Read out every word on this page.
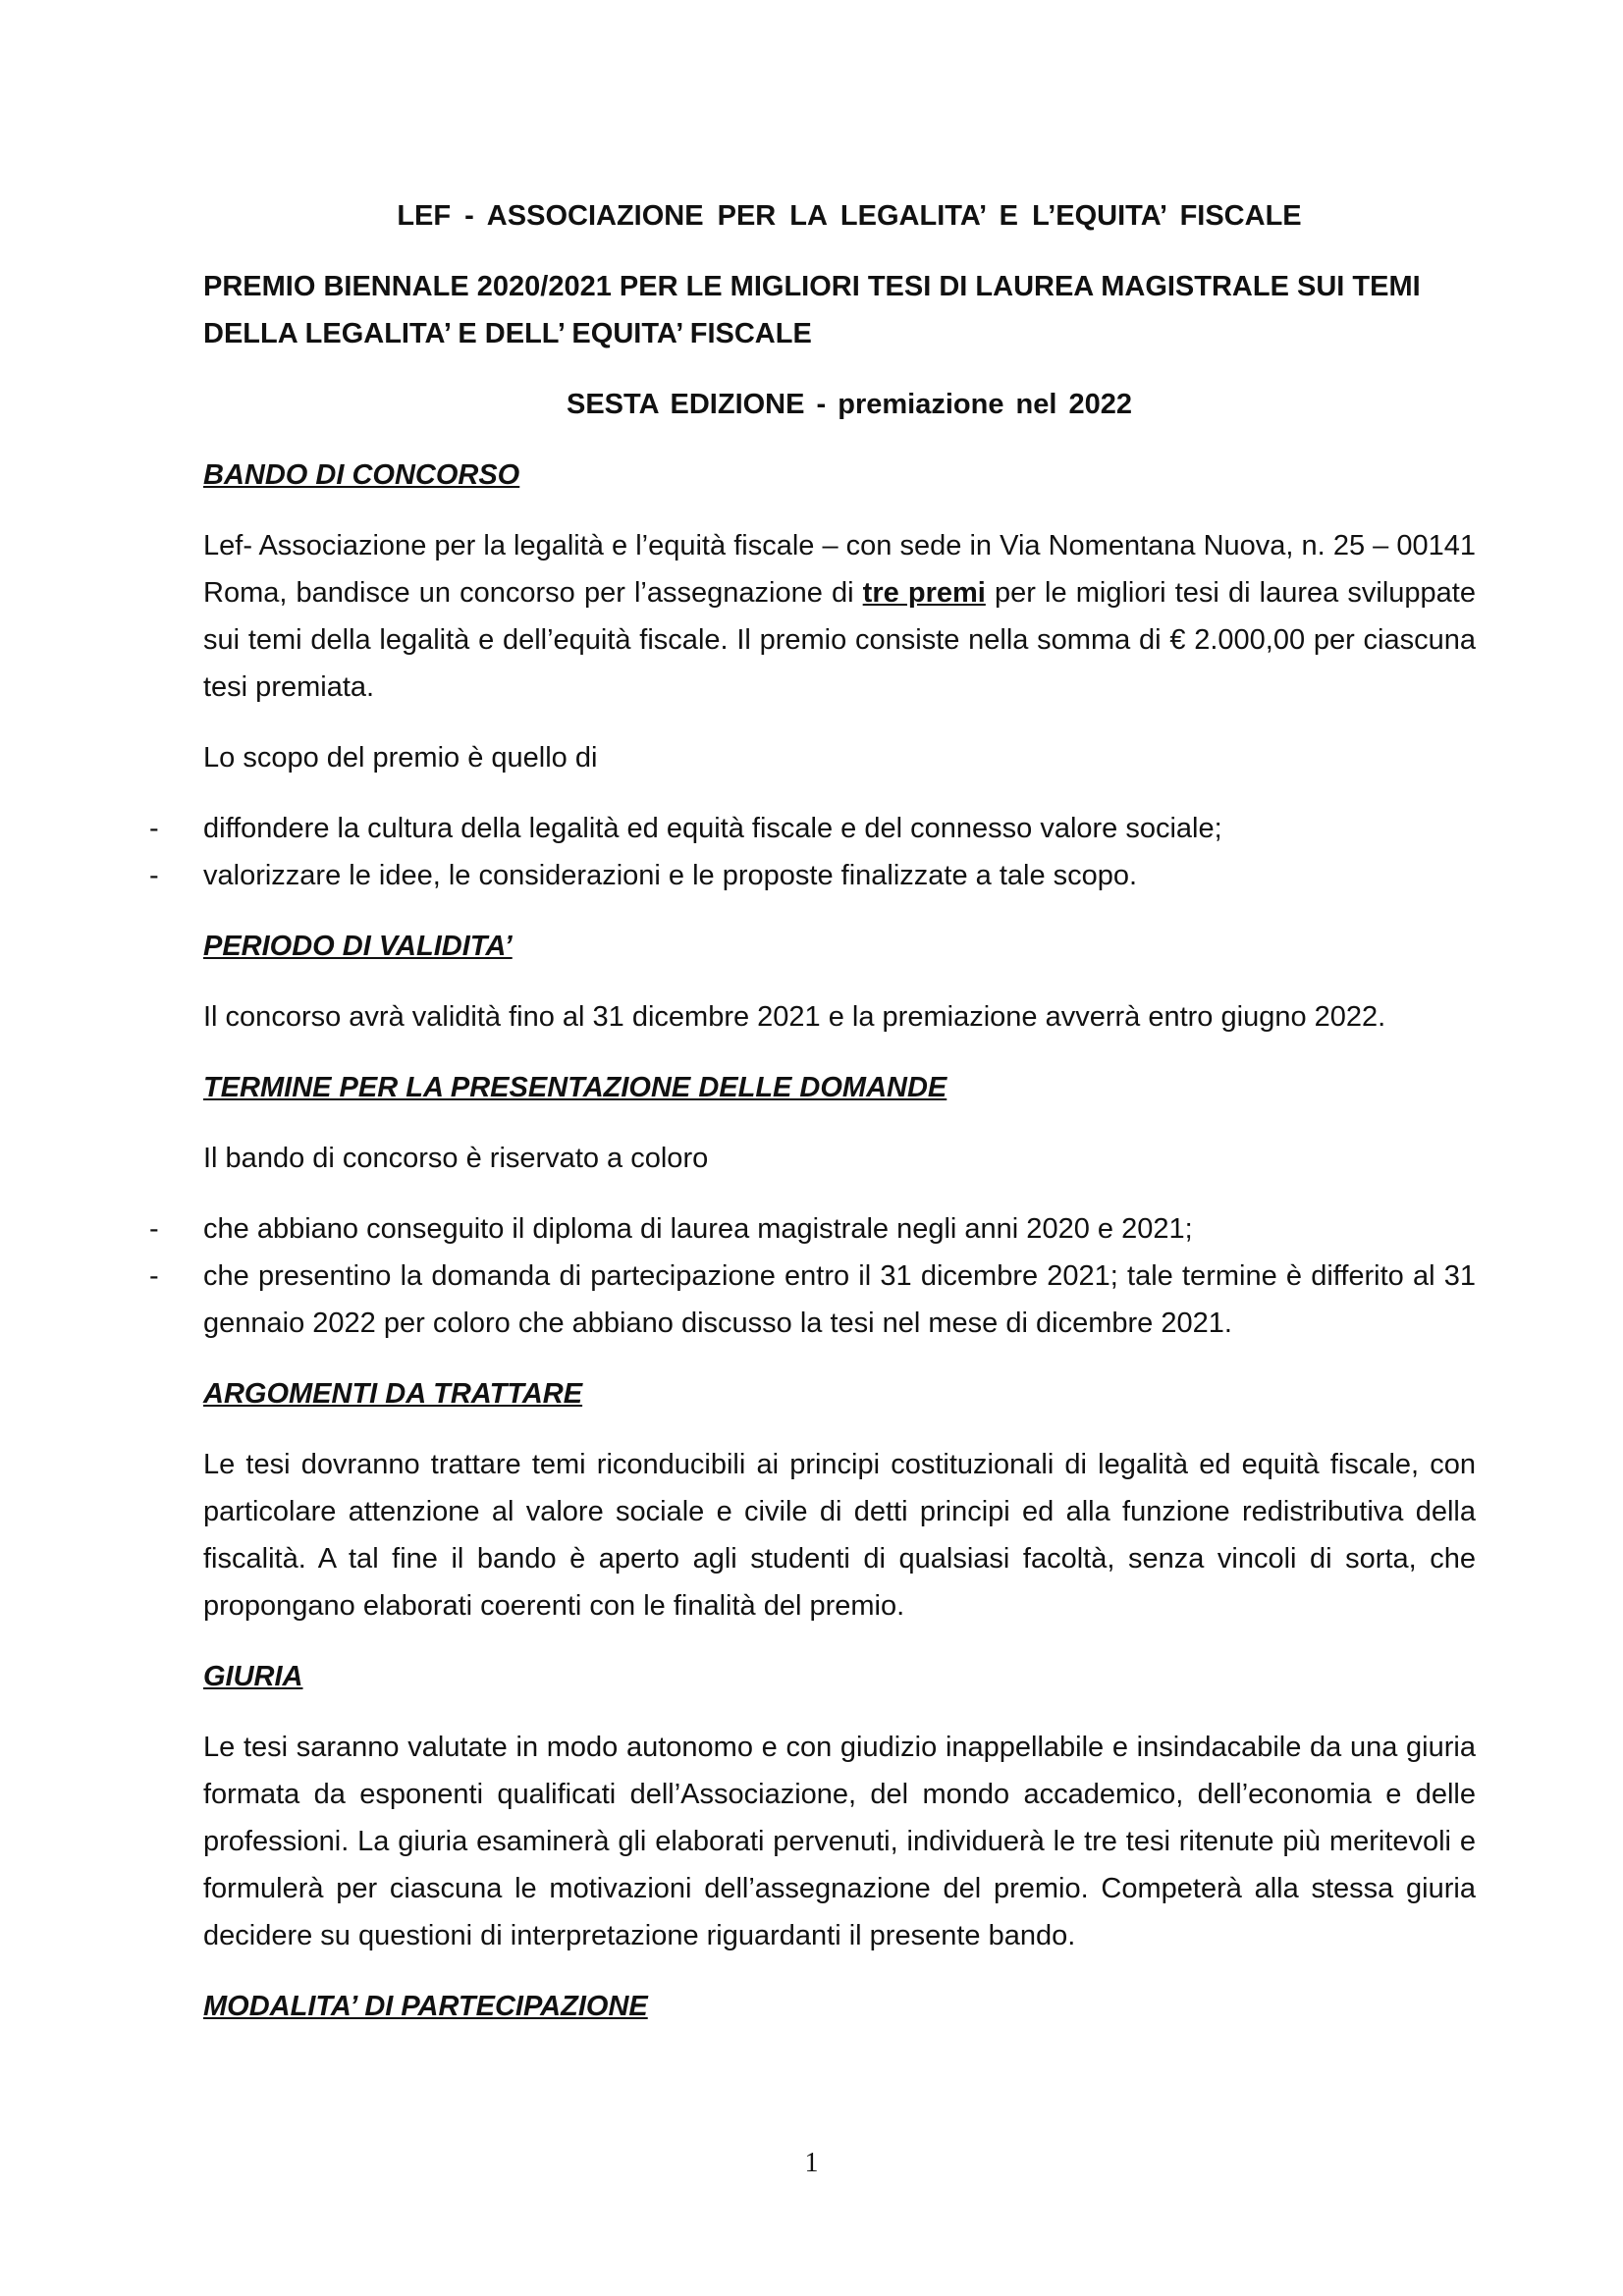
LEF - ASSOCIAZIONE PER LA LEGALITA’ E L’EQUITA’ FISCALE

PREMIO BIENNALE 2020/2021 PER LE MIGLIORI TESI DI LAUREA MAGISTRALE SUI TEMI DELLA LEGALITA’ E DELL’ EQUITA’ FISCALE

SESTA EDIZIONE - premiazione nel 2022

BANDO DI CONCORSO

Lef- Associazione per la legalità e l’equità fiscale – con sede in Via Nomentana Nuova, n. 25 – 00141 Roma, bandisce un concorso per l’assegnazione di tre premi per le migliori tesi di laurea sviluppate sui temi della legalità e dell’equità fiscale. Il premio consiste nella somma di € 2.000,00 per ciascuna tesi premiata.

Lo scopo del premio è quello di

- diffondere la cultura della legalità ed equità fiscale e del connesso valore sociale;
- valorizzare le idee, le considerazioni e le proposte finalizzate a tale scopo.

PERIODO DI VALIDITA’

Il concorso avrà validità fino al 31 dicembre 2021 e la premiazione avverrà entro giugno 2022.

TERMINE PER LA PRESENTAZIONE DELLE DOMANDE

Il bando di concorso è riservato a coloro

- che abbiano conseguito il diploma di laurea magistrale negli anni 2020 e 2021;
- che presentino la domanda di partecipazione entro il 31 dicembre 2021; tale termine è differito al 31 gennaio 2022 per coloro che abbiano discusso la tesi nel mese di dicembre 2021.

ARGOMENTI DA TRATTARE

Le tesi dovranno trattare temi riconducibili ai principi costituzionali di legalità ed equità fiscale, con particolare attenzione al valore sociale e civile di detti principi ed alla funzione redistributiva della fiscalità. A tal fine il bando è aperto agli studenti di qualsiasi facoltà, senza vincoli di sorta, che propongano elaborati coerenti con le finalità del premio.

GIURIA

Le tesi saranno valutate in modo autonomo e con giudizio inappellabile e insindacabile da una giuria formata da esponenti qualificati dell’Associazione, del mondo accademico, dell’economia e delle professioni. La giuria esaminerà gli elaborati pervenuti, individuerà le tre tesi ritenute più meritevoli e formulerà per ciascuna le motivazioni dell’assegnazione del premio. Competerà alla stessa giuria decidere su questioni di interpretazione riguardanti il presente bando.

MODALITA’ DI PARTECIPAZIONE

1
